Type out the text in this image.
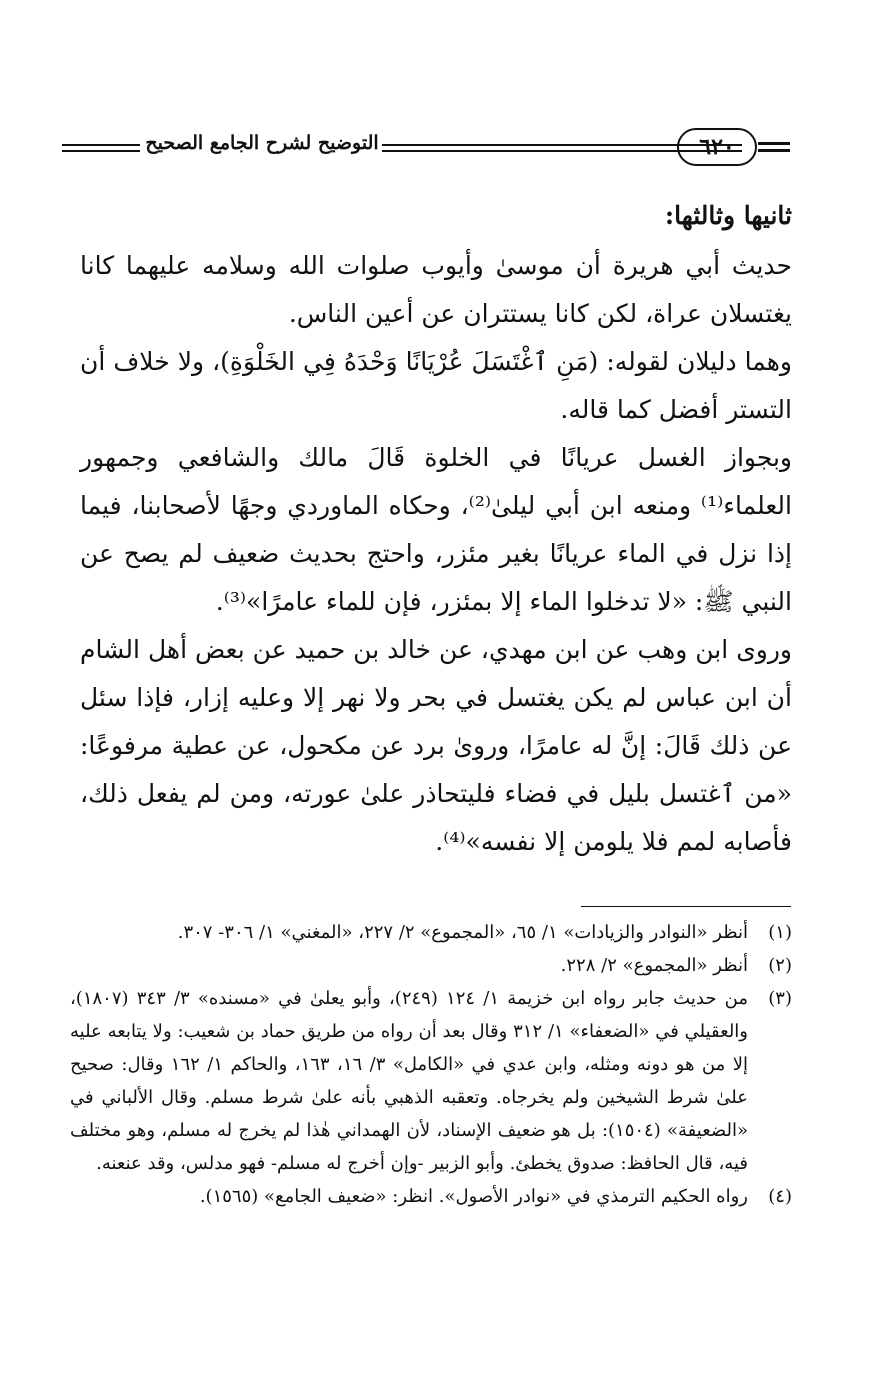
التوضيح لشرح الجامع الصحيح	٦٢٠

ثانيها وثالثها:

حديث أبي هريرة أن موسىٰ وأيوب صلوات الله وسلامه عليهما كانا يغتسلان عراة، لكن كانا يستتران عن أعين الناس.

وهما دليلان لقوله: (مَنِ ٱغْتَسَلَ عُرْيَانًا وَحْدَهُ فِي الخَلْوَةِ)، ولا خلاف أن التستر أفضل كما قاله.

وبجواز الغسل عريانًا في الخلوة قَالَ مالك والشافعي وجمهور العلماء⁽¹⁾ ومنعه ابن أبي ليلىٰ⁽²⁾، وحكاه الماوردي وجهًا لأصحابنا، فيما إذا نزل في الماء عريانًا بغير مئزر، واحتج بحديث ضعيف لم يصح عن النبي ﷺ: «لا تدخلوا الماء إلا بمئزر، فإن للماء عامرًا»⁽³⁾.

وروى ابن وهب عن ابن مهدي، عن خالد بن حميد عن بعض أهل الشام أن ابن عباس لم يكن يغتسل في بحر ولا نهر إلا وعليه إزار، فإذا سئل عن ذلك قَالَ: إنَّ له عامرًا، وروىٰ برد عن مكحول، عن عطية مرفوعًا: «من ٱغتسل بليل في فضاء فليتحاذر علىٰ عورته، ومن لم يفعل ذلك، فأصابه لمم فلا يلومن إلا نفسه»⁽⁴⁾.

(١)
أنظر «النوادر والزيادات» ١/ ٦٥، «المجموع» ٢/ ٢٢٧، «المغني» ١/ ٣٠٦- ٣٠٧.
(٢)
أنظر «المجموع» ٢/ ٢٢٨.
(٣)
من حديث جابر رواه ابن خزيمة ١/ ١٢٤ (٢٤٩)، وأبو يعلىٰ في «مسنده» ٣/ ٣٤٣ (١٨٠٧)، والعقيلي في «الضعفاء» ١/ ٣١٢ وقال بعد أن رواه من طريق حماد بن شعيب: ولا يتابعه عليه إلا من هو دونه ومثله، وابن عدي في «الكامل» ٣/ ١٦، ١٦٣، والحاكم ١/ ١٦٢ وقال: صحيح علىٰ شرط الشيخين ولم يخرجاه. وتعقبه الذهبي بأنه علىٰ شرط مسلم. وقال الألباني في «الضعيفة» (١٥٠٤): بل هو ضعيف الإسناد، لأن الهمداني هٰذا لم يخرج له مسلم، وهو مختلف فيه، قال الحافظ: صدوق يخطئ. وأبو الزبير -وإن أخرج له مسلم- فهو مدلس، وقد عنعنه.
(٤)
رواه الحكيم الترمذي في «نوادر الأصول». انظر: «ضعيف الجامع» (١٥٦٥).
